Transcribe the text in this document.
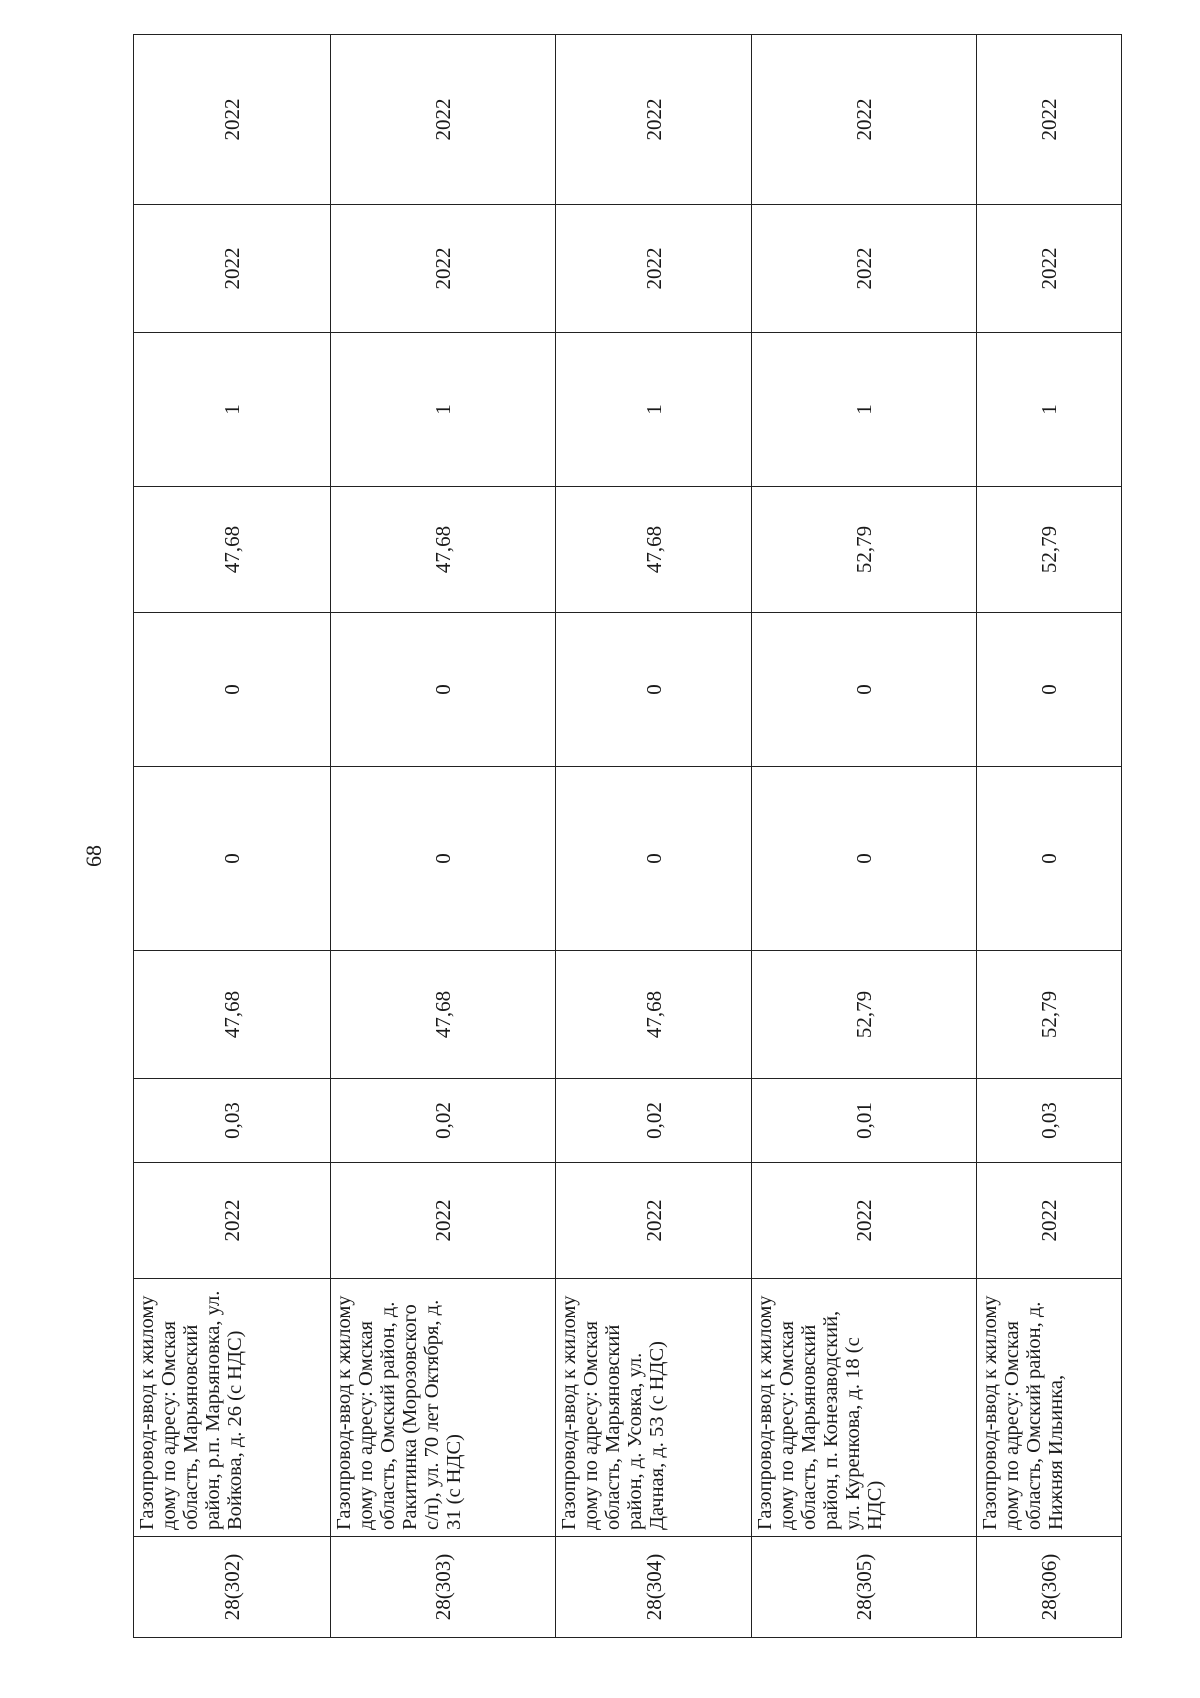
68
28(302)	Газопровод-ввод к жилому дому по адресу: Омская область, Марьяновский район, р.п. Марьяновка, ул. Войкова, д. 26 (с НДС)	2022	0,03	47,68	0	0	47,68	1	2022	2022
28(303)	Газопровод-ввод к жилому дому по адресу: Омская область, Омский район, д. Ракитинка (Морозовского с/п), ул. 70 лет Октября, д. 31 (с НДС)	2022	0,02	47,68	0	0	47,68	1	2022	2022
28(304)	Газопровод-ввод к жилому дому по адресу: Омская область, Марьяновский район, д. Усовка, ул. Дачная, д. 53 (с НДС)	2022	0,02	47,68	0	0	47,68	1	2022	2022
28(305)	Газопровод-ввод к жилому дому по адресу: Омская область, Марьяновский район, п. Конезаводский, ул. Куренкова, д. 18 (с НДС)	2022	0,01	52,79	0	0	52,79	1	2022	2022
28(306)	Газопровод-ввод к жилому дому по адресу: Омская область, Омский район, д. Нижняя Ильинка,	2022	0,03	52,79	0	0	52,79	1	2022	2022
